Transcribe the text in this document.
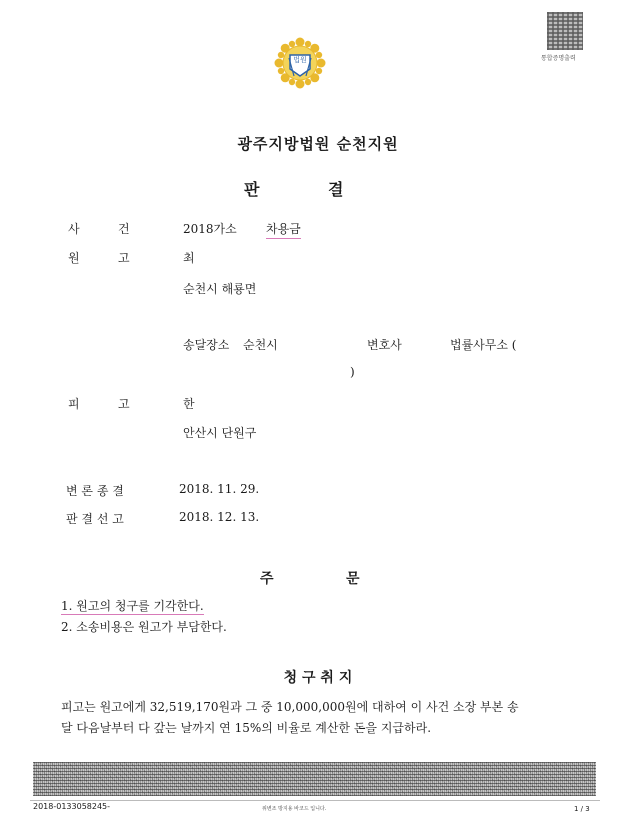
법원	통합증명출력
광주지방법원 순천지원
판	결
사	건	2018가소 차용금
원	고	최
순천시 해룡면
송달장소 순천시	변호사	법률사무소 (
)
피	고	한
안산시 단원구
변 론 종 결	2018. 11. 29.
판 결 선 고	2018. 12. 13.
주	문
1. 원고의 청구를 기각한다.
2. 소송비용은 원고가 부담한다.
청 구 취 지
피고는 원고에게 32,519,170원과 그 중 10,000,000원에 대하여 이 사건 소장 부본 송
달 다음날부터 다 갚는 날까지 연 15%의 비율로 계산한 돈을 지급하라.
2018-0133058245-	위변조 방지용 바코드 입니다.	1 / 3
